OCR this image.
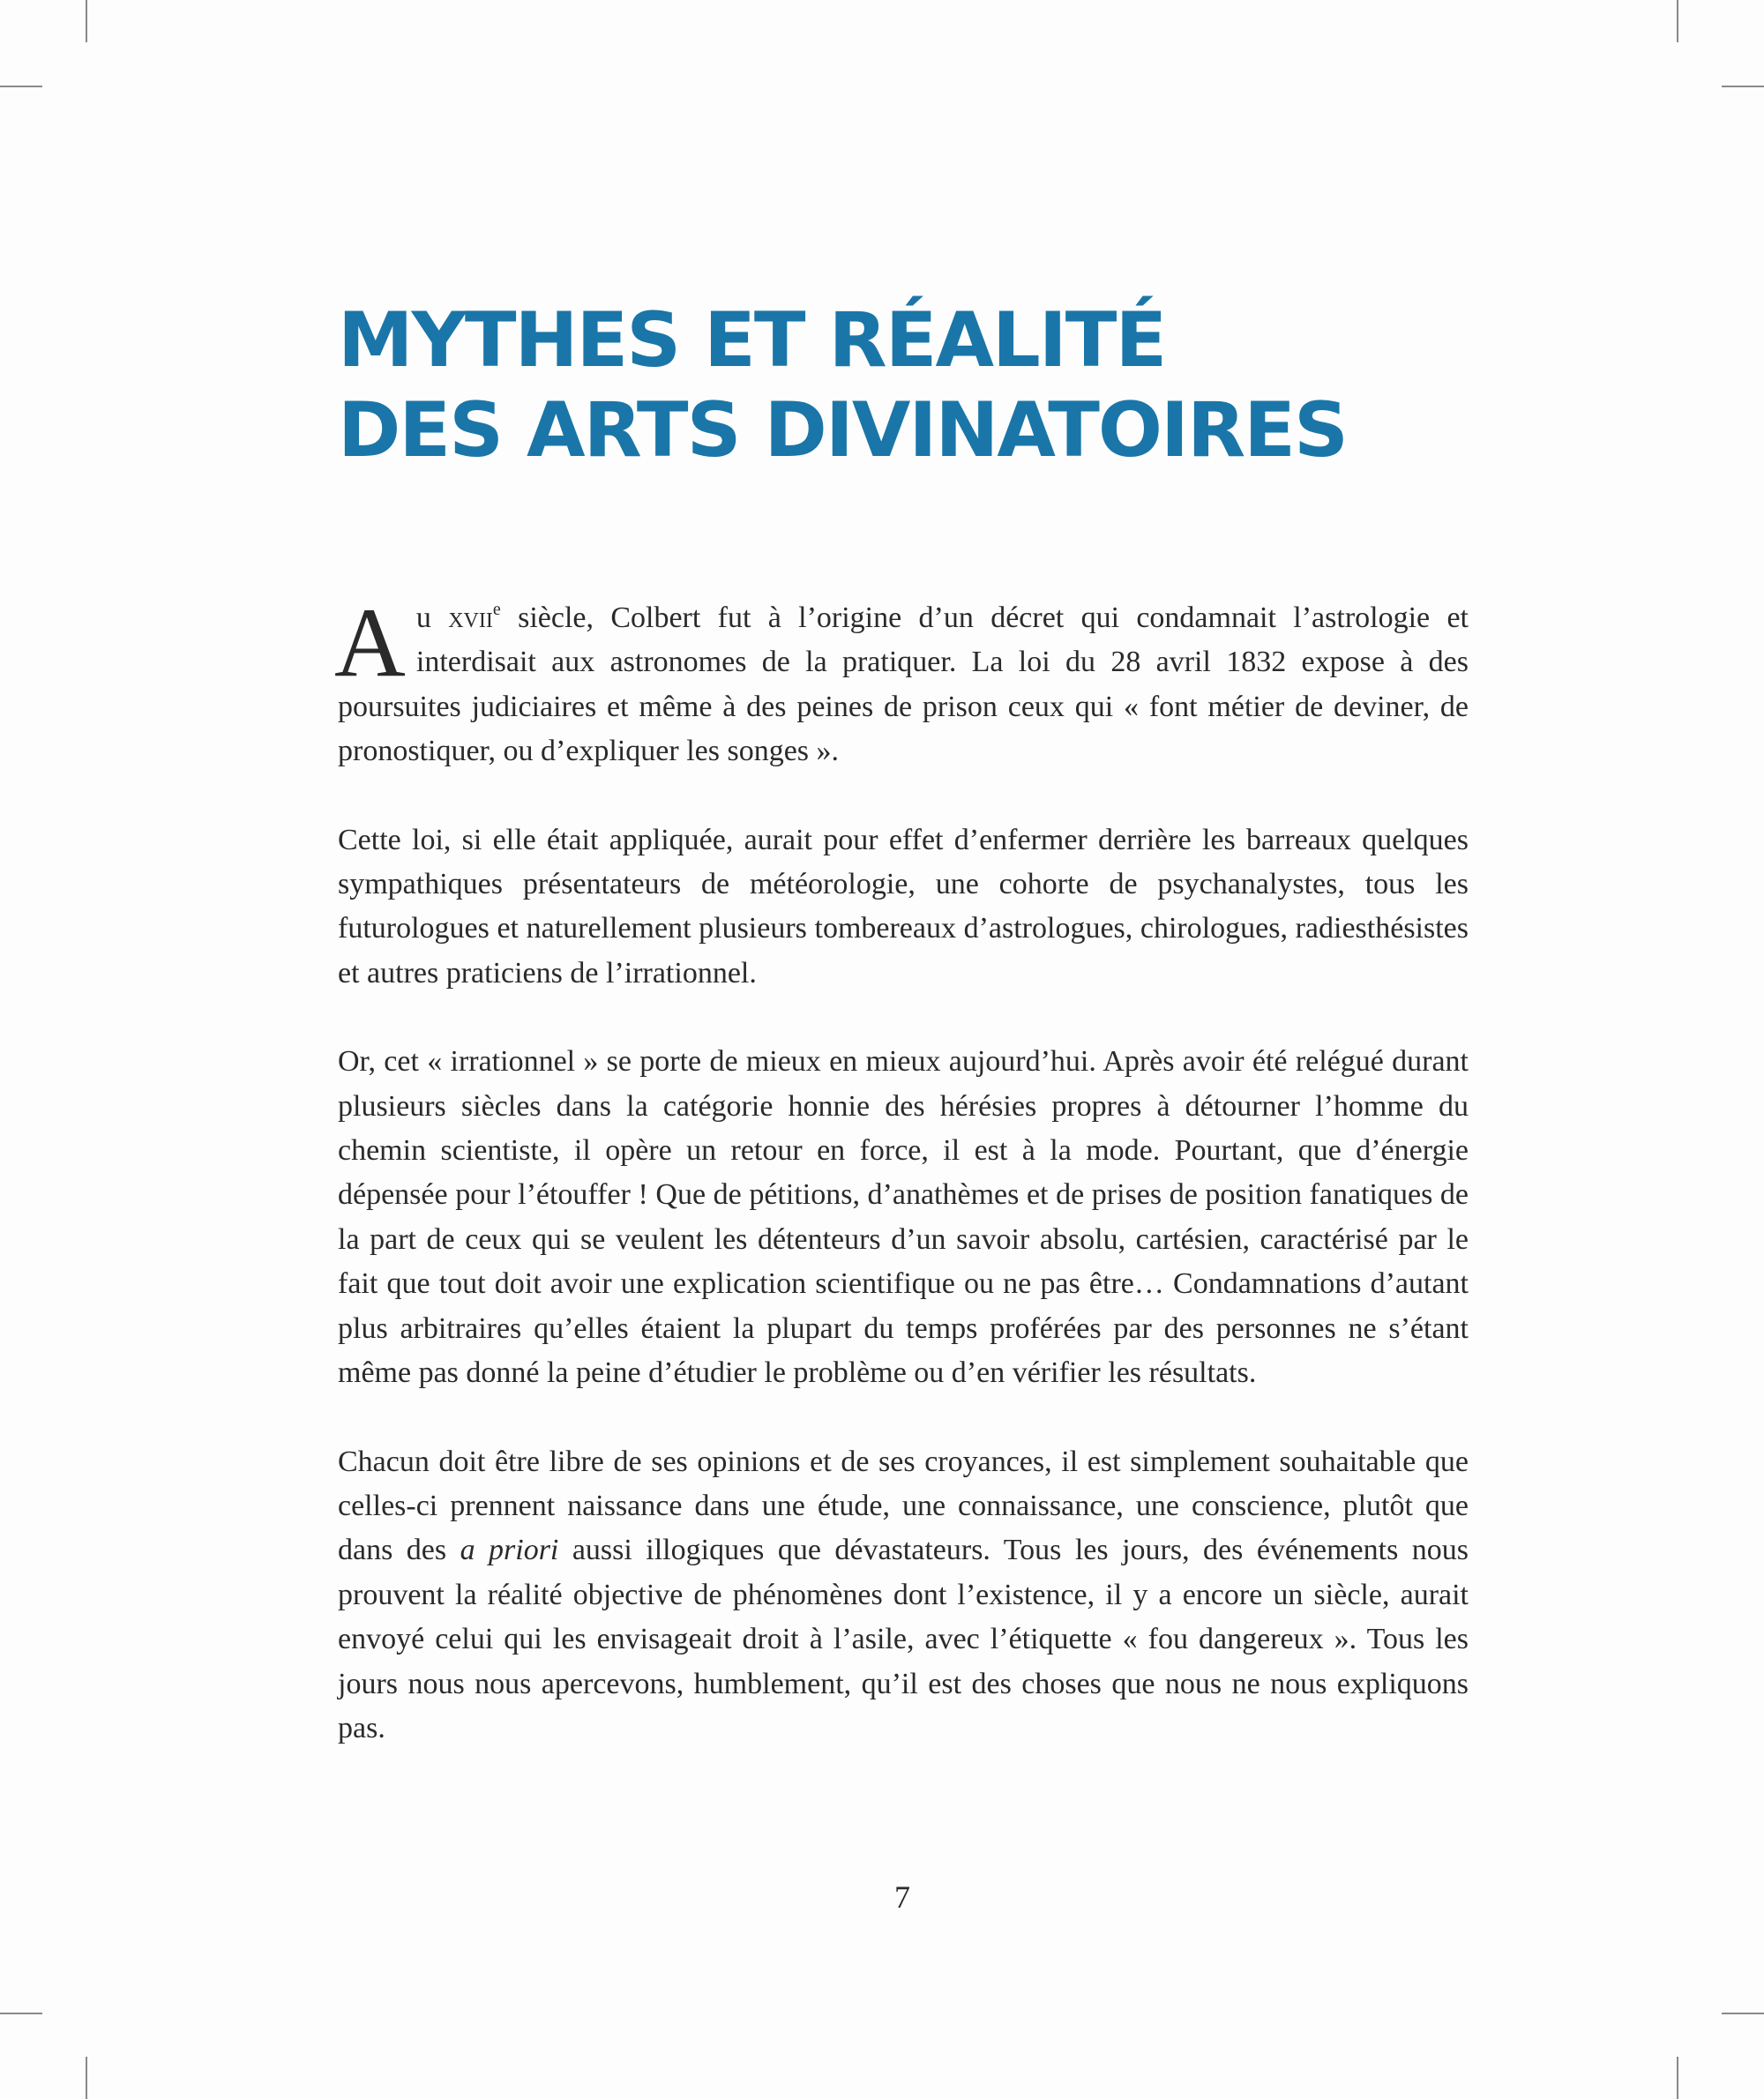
MYTHES ET RÉALITÉ
DES ARTS DIVINATOIRES

Au xvii$^e$ siècle, Colbert fut à l’origine d’un décret qui condamnait l’astrologie et interdisait aux astronomes de la pratiquer. La loi du 28 avril 1832 expose à des poursuites judiciaires et même à des peines de prison ceux qui « font métier de deviner, de pronostiquer, ou d’expliquer les songes ».

Cette loi, si elle était appliquée, aurait pour effet d’enfermer derrière les barreaux quelques sympathiques présentateurs de météorologie, une cohorte de psychanalystes, tous les futurologues et naturellement plusieurs tombereaux d’astrologues, chirologues, radiesthésistes et autres praticiens de l’irrationnel.

Or, cet « irrationnel » se porte de mieux en mieux aujourd’hui. Après avoir été relégué durant plusieurs siècles dans la catégorie honnie des hérésies propres à détourner l’homme du chemin scientiste, il opère un retour en force, il est à la mode. Pourtant, que d’énergie dépensée pour l’étouffer ! Que de pétitions, d’anathèmes et de prises de position fanatiques de la part de ceux qui se veulent les détenteurs d’un savoir absolu, cartésien, caractérisé par le fait que tout doit avoir une explication scientifique ou ne pas être… Condamnations d’autant plus arbitraires qu’elles étaient la plupart du temps proférées par des personnes ne s’étant même pas donné la peine d’étudier le problème ou d’en vérifier les résultats.

Chacun doit être libre de ses opinions et de ses croyances, il est simplement souhaitable que celles-ci prennent naissance dans une étude, une connaissance, une conscience, plutôt que dans des a priori aussi illogiques que dévastateurs. Tous les jours, des événements nous prouvent la réalité objective de phénomènes dont l’existence, il y a encore un siècle, aurait envoyé celui qui les envisageait droit à l’asile, avec l’étiquette « fou dangereux ». Tous les jours nous nous apercevons, humblement, qu’il est des choses que nous ne nous expliquons pas.

7
